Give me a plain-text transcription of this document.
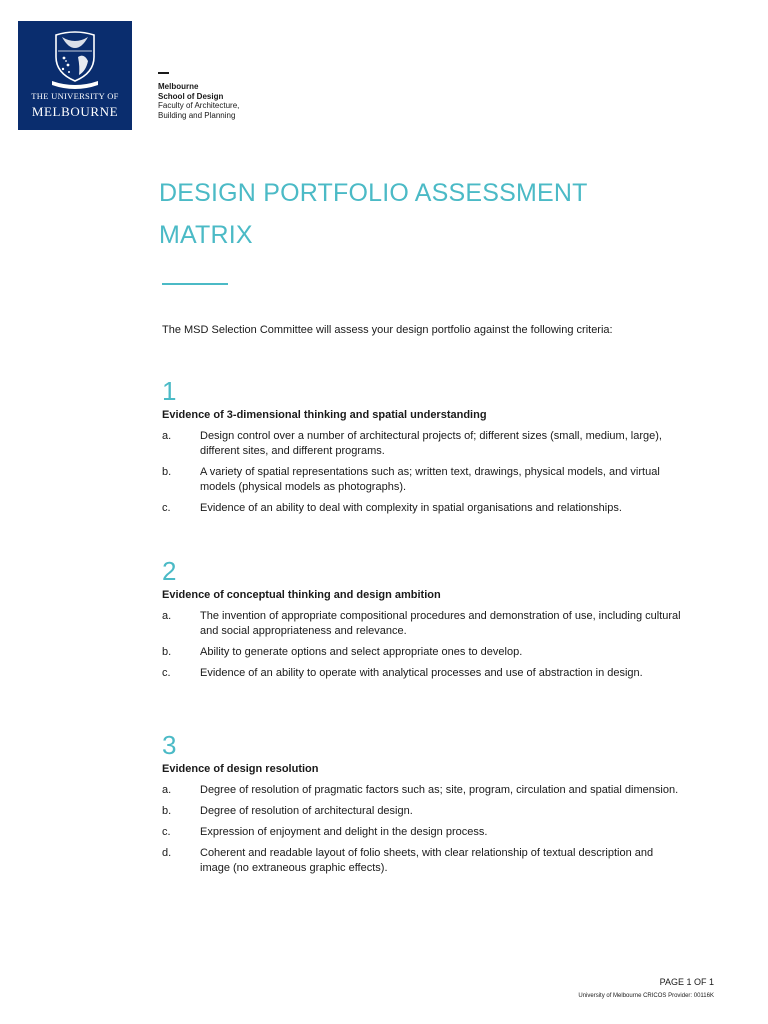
THE UNIVERSITY OF
MELBOURNE
Melbourne
School of Design
Faculty of Architecture,
Building and Planning
DESIGN PORTFOLIO ASSESSMENT
MATRIX
The MSD Selection Committee will assess your design portfolio against the following criteria:

1

Evidence of 3-dimensional thinking and spatial understanding
a.	Design control over a number of architectural projects of; different sizes (small, medium, large), different sites, and different programs.
b.	A variety of spatial representations such as; written text, drawings, physical models, and virtual models (physical models as photographs).
c.	Evidence of an ability to deal with complexity in spatial organisations and relationships.

2

Evidence of conceptual thinking and design ambition
a.	The invention of appropriate compositional procedures and demonstration of use, including cultural and social appropriateness and relevance.
b.	Ability to generate options and select appropriate ones to develop.
c.	Evidence of an ability to operate with analytical processes and use of abstraction in design.

3

Evidence of design resolution
a.	Degree of resolution of pragmatic factors such as; site, program, circulation and spatial dimension.
b.	Degree of resolution of architectural design.
c.	Expression of enjoyment and delight in the design process.
d.	Coherent and readable layout of folio sheets, with clear relationship of textual description and image (no extraneous graphic effects).
PAGE 1 OF 1
University of Melbourne CRICOS Provider: 00116K
